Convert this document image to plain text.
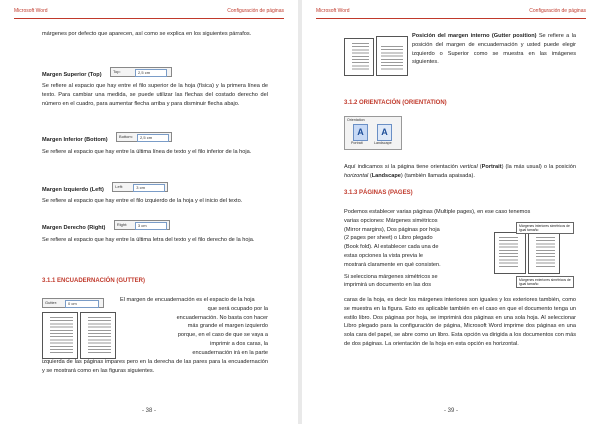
Microsoft Word	Configuración de páginas

márgenes por defecto que aparecen, así como se explica en los siguientes párrafos.

Margen Superior (Top)
Top:	2,5 cm

Se refiere al espacio que hay entre el filo superior de la hoja (física) y la primera línea de texto. Para cambiar una medida, se puede utilizar las flechas del costado derecho del número en el cuadro, para aumentar flecha arriba y para disminuir flecha abajo.

Margen Inferior (Bottom)
Bottom: 2,5 cm

Se refiere al espacio que hay entre la última línea de texto y el filo inferior de la hoja.

Margen Izquierdo (Left)
Left:	3 cm

Se refiere al espacio que hay entre el filo izquierdo de la hoja y el inicio del texto.

Margen Derecho (Right)
Right:	3 cm

Se refiere al espacio que hay entre la última letra del texto y el filo derecho de la hoja.

3.1.1 ENCUADERNACIÓN (GUTTER)
Gutter:	0 cm

El margen de encuadernación es el espacio de la hoja

que será ocupado por la

encuadernación. No basta con hacer

más grande el margen izquierdo

porque, en el caso de que se vaya a

imprimir a dos caras, la

encuadernación irá en la parte

izquierda de las páginas impares pero en la derecha de las pares para la encuadernación y se mostrará como en las figuras siguientes.

- 38 -
Microsoft Word	Configuración de páginas

Posición del margen interno (Gutter position) Se refiere a la posición del margen de encuadernación y usted puede elegir izquierdo o Superior como se muestra en las imágenes siguientes.

3.1.2 ORIENTACIÓN (ORIENTATION)
Orientation
A	A
Portrait	Landscape

Aquí indicamos si la página tiene orientación vertical (Portrait) (la más usual) o la posición horizontal (Landscape) (también llamada apaisada).

3.1.3 PÁGINAS (PAGES)

Podemos establecer varias páginas (Multiple pages), en ese caso tenemos

varias opciones: Márgenes simétricos

(Mirror margins), Dos páginas por hoja

(2 pages per sheet) o Libro plegado

(Book fold). Al establecer cada una de

estas opciones la vista previa le

mostrará claramente en qué consisten.

Si selecciona márgenes simétricos se

imprimirá un documento en las dos

Márgenes interiores simétricos de igual tamaño
Márgenes exteriores simétricos de igual tamaño

caras de la hoja, es decir los márgenes interiores son iguales y los exteriores también, como se muestra en la figura. Esto es aplicable también en el caso en que el documento tenga un estilo libro. Dos páginas por hoja, se imprimirá dos páginas en una sola hoja. Al seleccionar Libro plegado para la configuración de página, Microsoft Word imprime dos páginas en una sola cara del papel, se abre como un libro. Esta opción va dirigida a los documentos con más de dos páginas. La orientación de la hoja en esta opción es horizontal.

- 39 -
